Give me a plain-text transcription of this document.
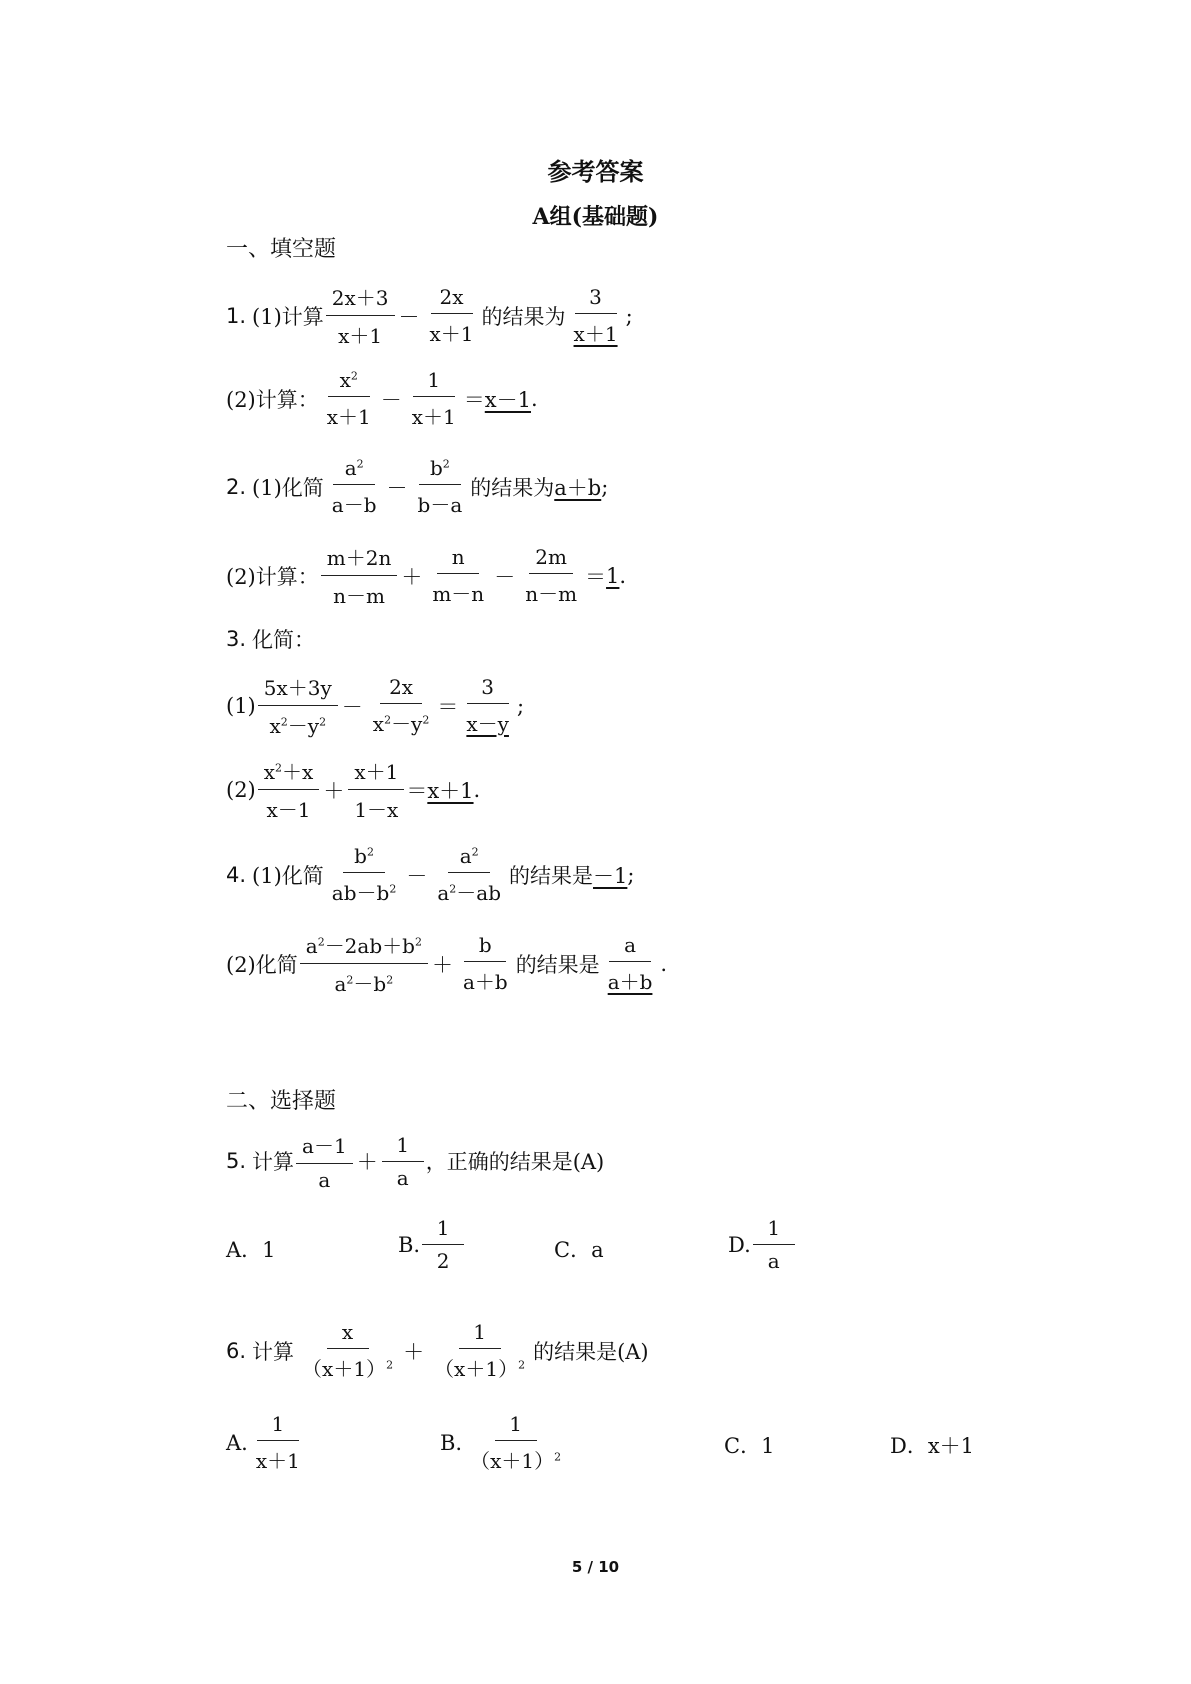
参考答案
A组(基础题)
一、填空题
1. (1)计算 $\frac{2x+3}{x+1} - \frac{2x}{x+1}$ 的结果为 $\frac{3}{x+1}$ ;
(2)计算： $\frac{x^2}{x+1} - \frac{1}{x+1} = x-1$ .
2. (1)化简 $\frac{a^2}{a-b} - \frac{b^2}{b-a}$ 的结果为 a＋b ;
(2)计算： $\frac{m+2n}{n-m} + \frac{n}{m-n} - \frac{2m}{n-m} = 1$ .
3. 化简：
$(1) \frac{5x+3y}{x^2-y^2} - \frac{2x}{x^2-y^2} = \frac{3}{x-y}$ ;
$(2) \frac{x^2+x}{x-1} + \frac{x+1}{1-x} = x+1$ .
4. (1)化简 $\frac{b^2}{ab-b^2} - \frac{a^2}{a^2-ab}$ 的结果是 －1 ;
(2)化简 $\frac{a^2-2ab+b^2}{a^2-b^2} + \frac{b}{a+b}$ 的结果是 $\frac{a}{a+b}$ .
二、选择题
5. 计算 $\frac{a-1}{a} + \frac{1}{a}$ ，正确的结果是(A)
A．1	B. $\frac{1}{2}$	C．a	D. $\frac{1}{a}$
6. 计算 $\frac{x}{(x+1)^2} + \frac{1}{(x+1)^2}$ 的结果是(A)
A. $\frac{1}{x+1}$	B. $\frac{1}{(x+1)^2}$	C．1	D．x＋1
5 / 10
